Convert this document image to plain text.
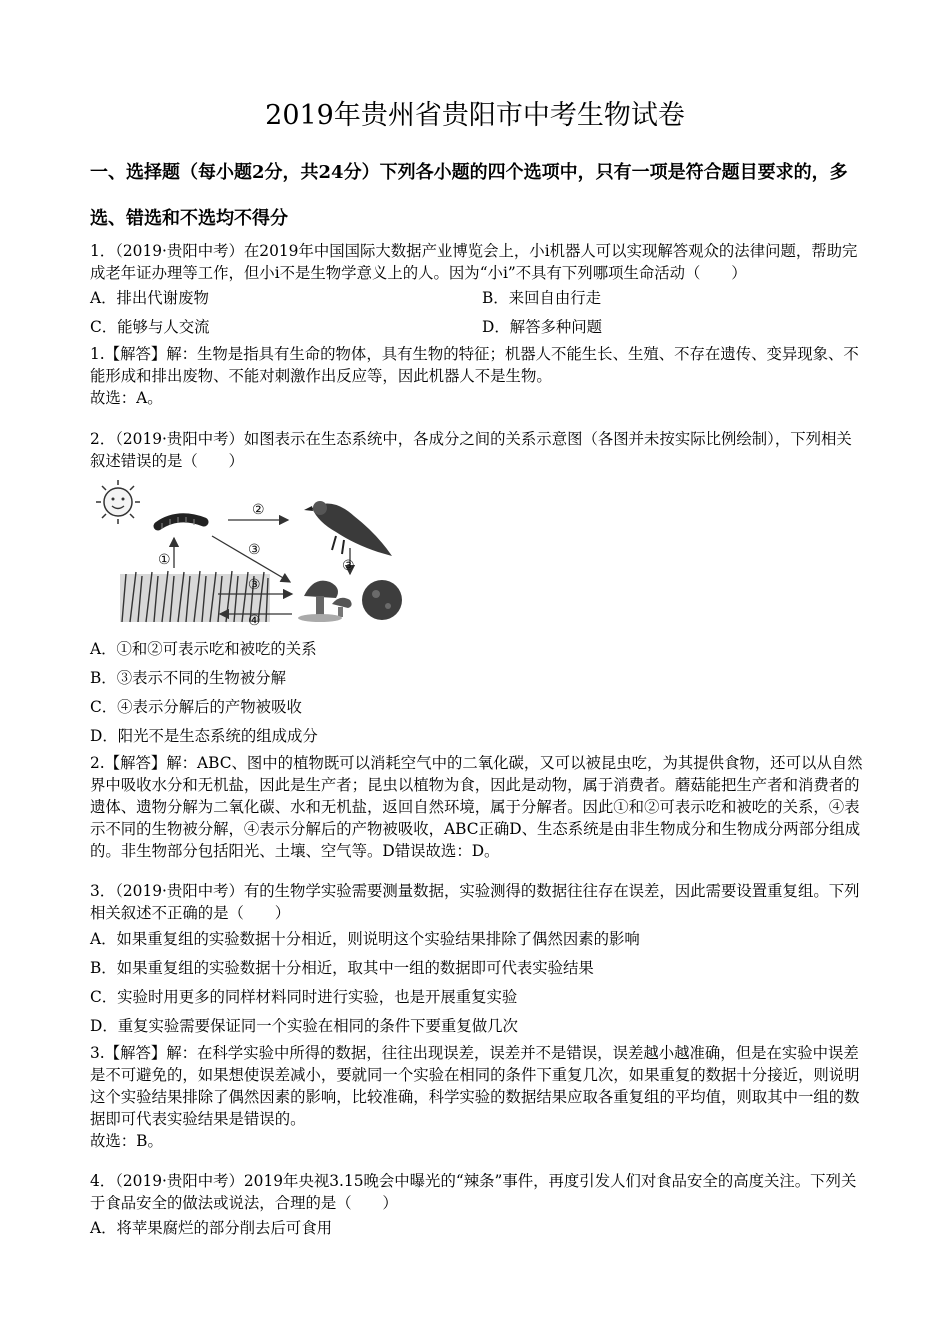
2019年贵州省贵阳市中考生物试卷
一、选择题（每小题2分，共24分）下列各小题的四个选项中，只有一项是符合题目要求的，多选、错选和不选均不得分
1．（2019·贵阳中考）在2019年中国国际大数据产业博览会上，小i机器人可以实现解答观众的法律问题，帮助完成老年证办理等工作，但小i不是生物学意义上的人。因为“小i”不具有下列哪项生命活动（　　）
A．排出代谢废物	B．来回自由行走
C．能够与人交流	D．解答多种问题
1.【解答】解：生物是指具有生命的物体，具有生物的特征；机器人不能生长、生殖、不存在遗传、变异现象、不能形成和排出废物、不能对刺激作出反应等，因此机器人不是生物。
故选：A。
2．（2019·贵阳中考）如图表示在生态系统中，各成分之间的关系示意图（各图并未按实际比例绘制），下列相关叙述错误的是（　　）
②
③
①	③
③
④
A．①和②可表示吃和被吃的关系
B．③表示不同的生物被分解
C．④表示分解后的产物被吸收
D．阳光不是生态系统的组成成分
2.【解答】解：ABC、图中的植物既可以消耗空气中的二氧化碳，又可以被昆虫吃，为其提供食物，还可以从自然界中吸收水分和无机盐，因此是生产者；昆虫以植物为食，因此是动物，属于消费者。蘑菇能把生产者和消费者的遗体、遗物分解为二氧化碳、水和无机盐，返回自然环境，属于分解者。因此①和②可表示吃和被吃的关系，④表示不同的生物被分解，④表示分解后的产物被吸收，ABC正确D、生态系统是由非生物成分和生物成分两部分组成的。非生物部分包括阳光、土壤、空气等。D错误故选：D。
3．（2019·贵阳中考）有的生物学实验需要测量数据，实验测得的数据往往存在误差，因此需要设置重复组。下列相关叙述不正确的是（　　）
A．如果重复组的实验数据十分相近，则说明这个实验结果排除了偶然因素的影响
B．如果重复组的实验数据十分相近，取其中一组的数据即可代表实验结果
C．实验时用更多的同样材料同时进行实验，也是开展重复实验
D．重复实验需要保证同一个实验在相同的条件下要重复做几次
3.【解答】解：在科学实验中所得的数据，往往出现误差，误差并不是错误，误差越小越准确，但是在实验中误差是不可避免的，如果想使误差减小，要就同一个实验在相同的条件下重复几次，如果重复的数据十分接近，则说明这个实验结果排除了偶然因素的影响，比较准确，科学实验的数据结果应取各重复组的平均值，则取其中一组的数据即可代表实验结果是错误的。
故选：B。
4．（2019·贵阳中考）2019年央视3.15晚会中曝光的“辣条”事件，再度引发人们对食品安全的高度关注。下列关于食品安全的做法或说法，合理的是（　　）
A．将苹果腐烂的部分削去后可食用
